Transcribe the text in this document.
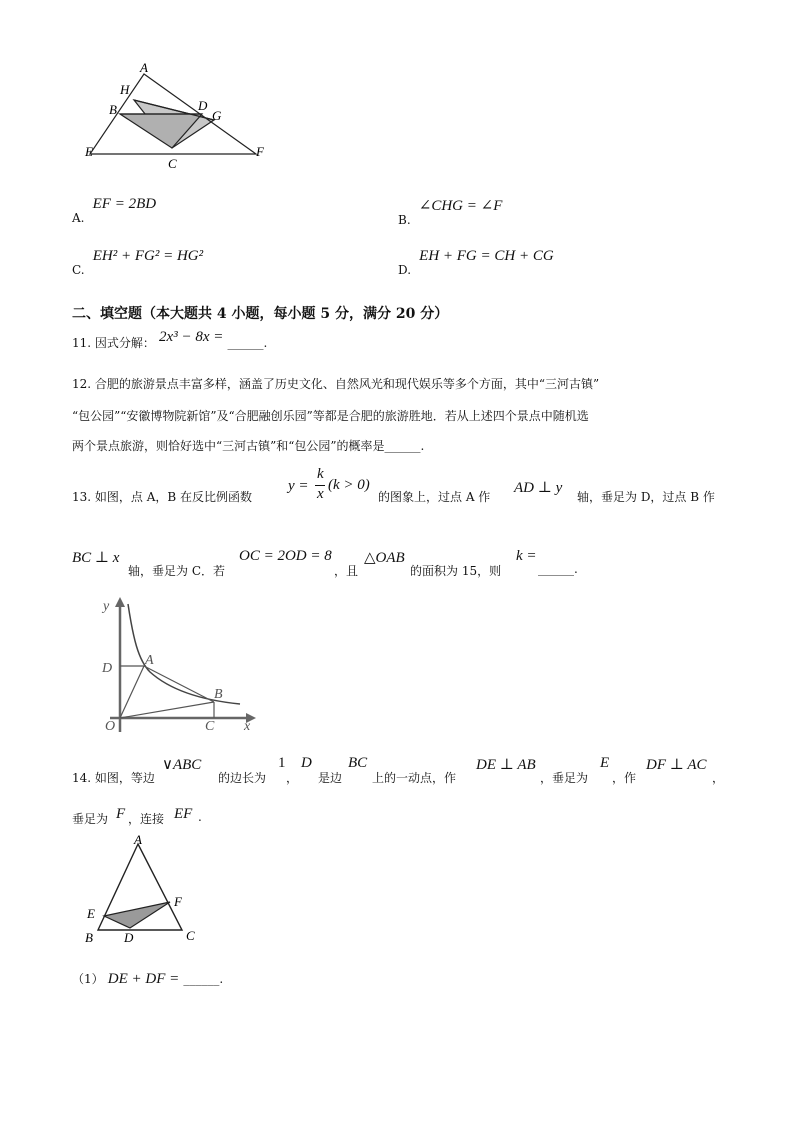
A
H
B	D
G
E
C
F
A. EF = 2BD
B. ∠CHG = ∠F
C. EH² + FG² = HG²
D. EH + FG = CH + CG
二、填空题（本大题共 4 小题，每小题 5 分，满分 20 分）
11. 因式分解： 2x³ − 8x = ______.
12. 合肥的旅游景点丰富多样，涵盖了历史文化、自然风光和现代娱乐等多个方面，其中“三河古镇”
“包公园”“安徽博物院新馆”及“合肥融创乐园”等都是合肥的旅游胜地．若从上述四个景点中随机选
两个景点旅游，则恰好选中“三河古镇”和“包公园”的概率是______.
13. 如图，点 A，B 在反比例函数
y =
k
x
(k > 0)
的图象上，过点 A 作
AD ⊥ y
轴，垂足为 D，过点 B 作
BC ⊥ x
轴，垂足为 C．若
OC = 2OD = 8
，且
△OAB
的面积为 15，则
k =
______.
y
x
D
A
B
O	C
14. 如图，等边
∨ABC
的边长为
1
，
D
是边
BC
上的一动点，作
DE ⊥ AB
，垂足为
E
，作
DF ⊥ AC
，
垂足为 F ，连接 EF .
A
E
F
B D	C
（1） DE + DF = ______.
